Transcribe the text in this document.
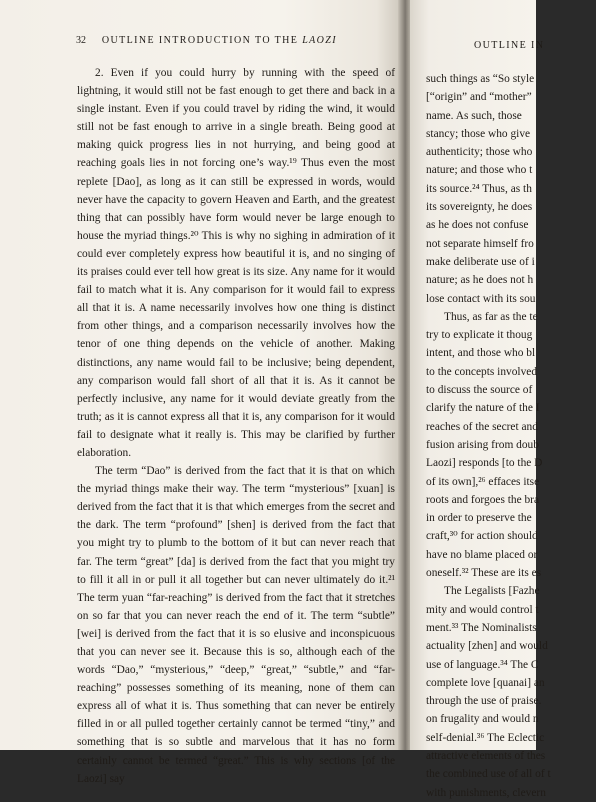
32 OUTLINE INTRODUCTION TO THE LAOZI

2. Even if you could hurry by running with the speed of lightning, it would still not be fast enough to get there and back in a single instant. Even if you could travel by riding the wind, it would still not be fast enough to arrive in a single breath. Being good at making quick progress lies in not hurrying, and being good at reaching goals lies in not forcing one’s way.¹⁹ Thus even the most replete [Dao], as long as it can still be expressed in words, would never have the capacity to govern Heaven and Earth, and the greatest thing that can possibly have form would never be large enough to house the myriad things.²⁰ This is why no sighing in admiration of it could ever completely express how beautiful it is, and no singing of its praises could ever tell how great is its size. Any name for it would fail to match what it is. Any comparison for it would fail to express all that it is. A name necessarily involves how one thing is distinct from other things, and a comparison necessarily involves how the tenor of one thing depends on the vehicle of another. Making distinctions, any name would fail to be inclusive; being dependent, any comparison would fall short of all that it is. As it cannot be perfectly inclusive, any name for it would deviate greatly from the truth; as it is cannot express all that it is, any comparison for it would fail to designate what it really is. This may be clarified by further elaboration.

The term “Dao” is derived from the fact that it is that on which the myriad things make their way. The term “mysterious” [xuan] is derived from the fact that it is that which emerges from the secret and the dark. The term “profound” [shen] is derived from the fact that you might try to plumb to the bottom of it but can never reach that far. The term “great” [da] is derived from the fact that you might try to fill it all in or pull it all together but can never ultimately do it.²¹ The term yuan “far-reaching” is derived from the fact that it stretches on so far that you can never reach the end of it. The term “subtle” [wei] is derived from the fact that it is so elusive and inconspicuous that you can never see it. Because this is so, although each of the words “Dao,” “mysterious,” “deep,” “great,” “subtle,” and “far-reaching” possesses something of its meaning, none of them can express all of what it is. Thus something that can never be entirely filled in or all pulled together certainly cannot be termed “tiny,” and something that is so subtle and marvelous that it has no form certainly cannot be termed “great.” This is why sections [of the Laozi] say

OUTLINE IN
such things as “So style
[“origin” and “mother”
name. As such, those
stancy; those who give
authenticity; those who
nature; and those who t
its source.²⁴ Thus, as th
its sovereignty, he does
as he does not confuse
not separate himself fro
make deliberate use of i
nature; as he does not h
lose contact with its sou
Thus, as far as the te
try to explicate it thoug
intent, and those who bl
to the concepts involved
to discuss the source of
clarify the nature of the I
reaches of the secret and
fusion arising from doub
Laozi] responds [to the D
of its own],²⁶ effaces itse
roots and forgoes the bra
in order to preserve the
craft,³⁰ for action should
have no blame placed or
oneself.³² These are its es
The Legalists [Fazhe
mity and would control t
ment.³³ The Nominalists
actuality [zhen] and would
use of language.³⁴ The C
complete love [quanai] an
through the use of praise.
on frugality and would n
self-denial.³⁶ The Eclectic
attractive elements of thes
the combined use of all of t
with punishments, clevern
